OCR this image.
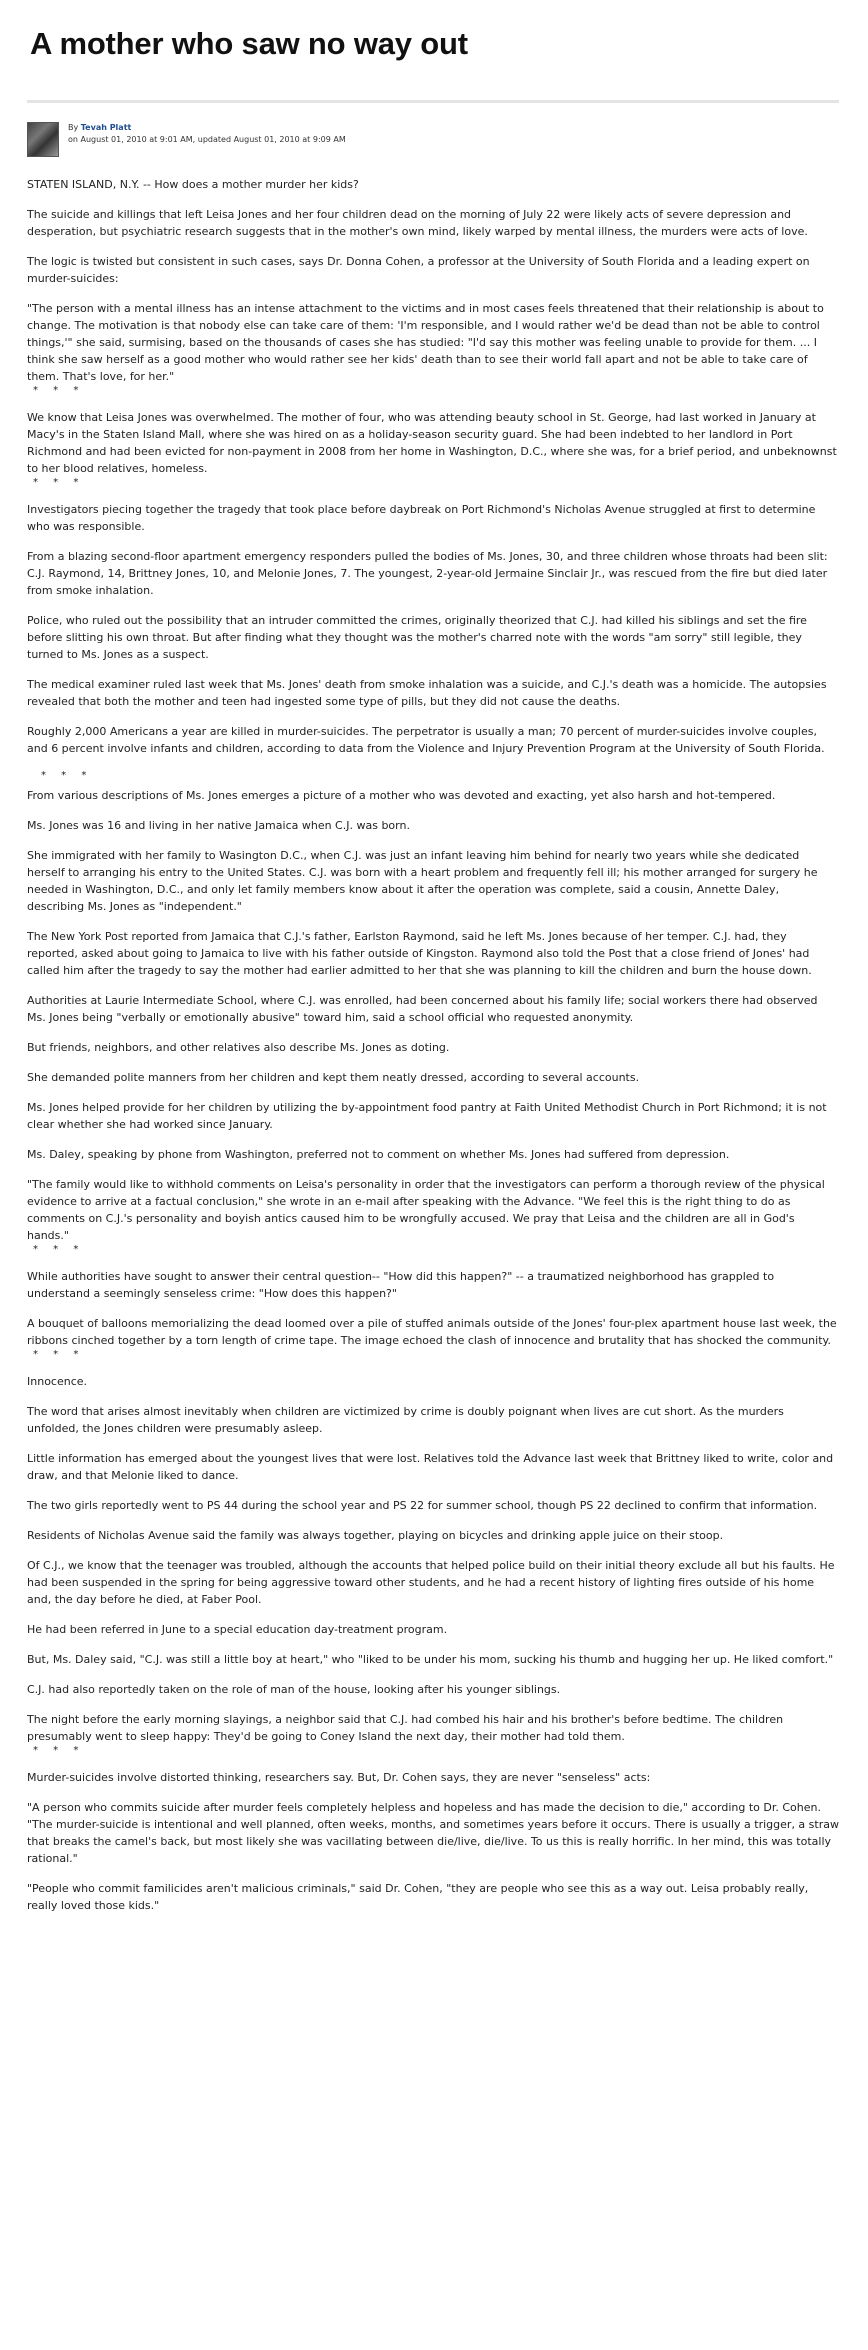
A mother who saw no way out
By Tevah Platt
on August 01, 2010 at 9:01 AM, updated August 01, 2010 at 9:09 AM

STATEN ISLAND, N.Y. -- How does a mother murder her kids?

The suicide and killings that left Leisa Jones and her four children dead on the morning of July 22 were likely acts of severe depression and desperation, but psychiatric research suggests that in the mother's own mind, likely warped by mental illness, the murders were acts of love.

The logic is twisted but consistent in such cases, says Dr. Donna Cohen, a professor at the University of South Florida and a leading expert on murder-suicides:

"The person with a mental illness has an intense attachment to the victims and in most cases feels threatened that their relationship is about to change. The motivation is that nobody else can take care of them: 'I'm responsible, and I would rather we'd be dead than not be able to control things,'" she said, surmising, based on the thousands of cases she has studied: "I'd say this mother was feeling unable to provide for them. ... I think she saw herself as a good mother who would rather see her kids' death than to see their world fall apart and not be able to take care of them. That's love, for her."

* * *

We know that Leisa Jones was overwhelmed. The mother of four, who was attending beauty school in St. George, had last worked in January at Macy's in the Staten Island Mall, where she was hired on as a holiday-season security guard. She had been indebted to her landlord in Port Richmond and had been evicted for non-payment in 2008 from her home in Washington, D.C., where she was, for a brief period, and unbeknownst to her blood relatives, homeless.

* * *

Investigators piecing together the tragedy that took place before daybreak on Port Richmond's Nicholas Avenue struggled at first to determine who was responsible.

From a blazing second-floor apartment emergency responders pulled the bodies of Ms. Jones, 30, and three children whose throats had been slit: C.J. Raymond, 14, Brittney Jones, 10, and Melonie Jones, 7. The youngest, 2-year-old Jermaine Sinclair Jr., was rescued from the fire but died later from smoke inhalation.

Police, who ruled out the possibility that an intruder committed the crimes, originally theorized that C.J. had killed his siblings and set the fire before slitting his own throat. But after finding what they thought was the mother's charred note with the words "am sorry" still legible, they turned to Ms. Jones as a suspect.

The medical examiner ruled last week that Ms. Jones' death from smoke inhalation was a suicide, and C.J.'s death was a homicide. The autopsies revealed that both the mother and teen had ingested some type of pills, but they did not cause the deaths.

Roughly 2,000 Americans a year are killed in murder-suicides. The perpetrator is usually a man; 70 percent of murder-suicides involve couples, and 6 percent involve infants and children, according to data from the Violence and Injury Prevention Program at the University of South Florida.

* * *

From various descriptions of Ms. Jones emerges a picture of a mother who was devoted and exacting, yet also harsh and hot-tempered.

Ms. Jones was 16 and living in her native Jamaica when C.J. was born.

She immigrated with her family to Wasington D.C., when C.J. was just an infant leaving him behind for nearly two years while she dedicated herself to arranging his entry to the United States. C.J. was born with a heart problem and frequently fell ill; his mother arranged for surgery he needed in Washington, D.C., and only let family members know about it after the operation was complete, said a cousin, Annette Daley, describing Ms. Jones as "independent."

The New York Post reported from Jamaica that C.J.'s father, Earlston Raymond, said he left Ms. Jones because of her temper. C.J. had, they reported, asked about going to Jamaica to live with his father outside of Kingston. Raymond also told the Post that a close friend of Jones' had called him after the tragedy to say the mother had earlier admitted to her that she was planning to kill the children and burn the house down.

Authorities at Laurie Intermediate School, where C.J. was enrolled, had been concerned about his family life; social workers there had observed Ms. Jones being "verbally or emotionally abusive" toward him, said a school official who requested anonymity.

But friends, neighbors, and other relatives also describe Ms. Jones as doting.

She demanded polite manners from her children and kept them neatly dressed, according to several accounts.

Ms. Jones helped provide for her children by utilizing the by-appointment food pantry at Faith United Methodist Church in Port Richmond; it is not clear whether she had worked since January.

Ms. Daley, speaking by phone from Washington, preferred not to comment on whether Ms. Jones had suffered from depression.

"The family would like to withhold comments on Leisa's personality in order that the investigators can perform a thorough review of the physical evidence to arrive at a factual conclusion," she wrote in an e-mail after speaking with the Advance. "We feel this is the right thing to do as comments on C.J.'s personality and boyish antics caused him to be wrongfully accused. We pray that Leisa and the children are all in God's hands."

* * *

While authorities have sought to answer their central question-- "How did this happen?" -- a traumatized neighborhood has grappled to understand a seemingly senseless crime: "How does this happen?"

A bouquet of balloons memorializing the dead loomed over a pile of stuffed animals outside of the Jones' four-plex apartment house last week, the ribbons cinched together by a torn length of crime tape. The image echoed the clash of innocence and brutality that has shocked the community.

* * *

Innocence.

The word that arises almost inevitably when children are victimized by crime is doubly poignant when lives are cut short. As the murders unfolded, the Jones children were presumably asleep.

Little information has emerged about the youngest lives that were lost. Relatives told the Advance last week that Brittney liked to write, color and draw, and that Melonie liked to dance.

The two girls reportedly went to PS 44 during the school year and PS 22 for summer school, though PS 22 declined to confirm that information.

Residents of Nicholas Avenue said the family was always together, playing on bicycles and drinking apple juice on their stoop.

Of C.J., we know that the teenager was troubled, although the accounts that helped police build on their initial theory exclude all but his faults. He had been suspended in the spring for being aggressive toward other students, and he had a recent history of lighting fires outside of his home and, the day before he died, at Faber Pool.

He had been referred in June to a special education day-treatment program.

But, Ms. Daley said, "C.J. was still a little boy at heart," who "liked to be under his mom, sucking his thumb and hugging her up. He liked comfort."

C.J. had also reportedly taken on the role of man of the house, looking after his younger siblings.

The night before the early morning slayings, a neighbor said that C.J. had combed his hair and his brother's before bedtime. The children presumably went to sleep happy: They'd be going to Coney Island the next day, their mother had told them.

* * *

Murder-suicides involve distorted thinking, researchers say. But, Dr. Cohen says, they are never "senseless" acts:

"A person who commits suicide after murder feels completely helpless and hopeless and has made the decision to die," according to Dr. Cohen. "The murder-suicide is intentional and well planned, often weeks, months, and sometimes years before it occurs. There is usually a trigger, a straw that breaks the camel's back, but most likely she was vacillating between die/live, die/live. To us this is really horrific. In her mind, this was totally rational."

"People who commit familicides aren't malicious criminals," said Dr. Cohen, "they are people who see this as a way out. Leisa probably really, really loved those kids."
